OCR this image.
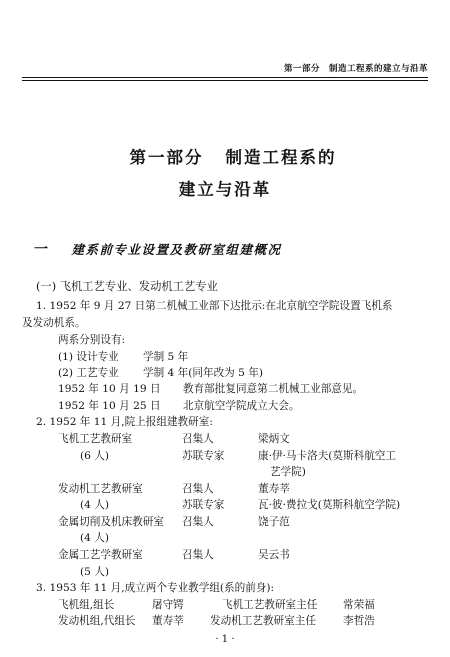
第一部分　制造工程系的建立与沿革
第一部分 制造工程系的
建立与沿革
一 建系前专业设置及教研室组建概况
(一) 飞机工艺专业、发动机工艺专业
1. 1952 年 9 月 27 日第二机械工业部下达批示:在北京航空学院设置飞机系
及发动机系。
两系分别设有:
(1) 设计专业 学制 5 年
(2) 工艺专业 学制 4 年(同年改为 5 年)
1952 年 10 月 19 日 教育部批复同意第二机械工业部意见。
1952 年 10 月 25 日 北京航空学院成立大会。
2. 1952 年 11 月,院上报组建教研室:
飞机工艺教研室	召集人	梁炳文
(6 人)	苏联专家	康·伊·马卡洛夫(莫斯科航空工
艺学院)
发动机工艺教研室	召集人	董寿莘
(4 人)	苏联专家	瓦·彼·费拉戈(莫斯科航空学院)
金属切削及机床教研室 召集人	饶子范
(4 人)
金属工艺学教研室	召集人	吴云书
(5 人)
3. 1953 年 11 月,成立两个专业教学组(系的前身):
飞机组,组长	屠守锷	飞机工艺教研室主任 常荣福
发动机组,代组长 董寿莘 发动机工艺教研室主任	李哲浩
· 1 ·
